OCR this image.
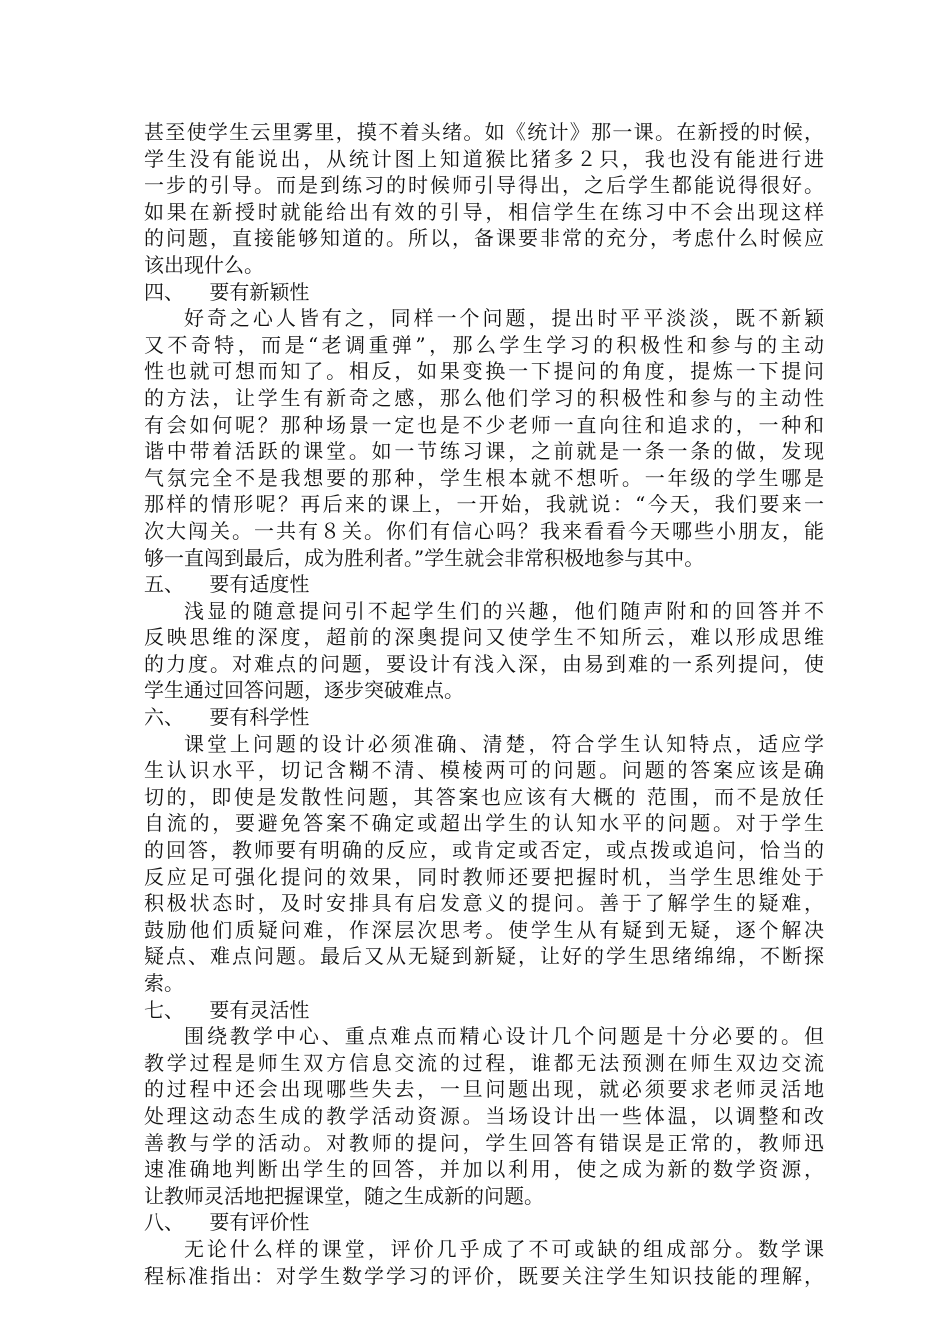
甚至使学生云里雾里，摸不着头绪。如《统计》那一课。在新授的时候，
学生没有能说出，从统计图上知道猴比猪多２只，我也没有能进行进
一步的引导。而是到练习的时候师引导得出，之后学生都能说得很好。
如果在新授时就能给出有效的引导，相信学生在练习中不会出现这样
的问题，直接能够知道的。所以，备课要非常的充分，考虑什么时候应
该出现什么。
四、    要有新颖性
好奇之心人皆有之，同样一个问题，提出时平平淡淡，既不新颖
又不奇特，而是“老调重弹”，那么学生学习的积极性和参与的主动
性也就可想而知了。相反，如果变换一下提问的角度，提炼一下提问
的方法，让学生有新奇之感，那么他们学习的积极性和参与的主动性
有会如何呢？那种场景一定也是不少老师一直向往和追求的，一种和
谐中带着活跃的课堂。如一节练习课，之前就是一条一条的做，发现
气氛完全不是我想要的那种，学生根本就不想听。一年级的学生哪是
那样的情形呢？再后来的课上，一开始，我就说：“今天，我们要来一
次大闯关。一共有８关。你们有信心吗？我来看看今天哪些小朋友，能
够一直闯到最后，成为胜利者。”学生就会非常积极地参与其中。
五、    要有适度性
浅显的随意提问引不起学生们的兴趣，他们随声附和的回答并不
反映思维的深度，超前的深奥提问又使学生不知所云，难以形成思维
的力度。对难点的问题，要设计有浅入深，由易到难的一系列提问，使
学生通过回答问题，逐步突破难点。
六、    要有科学性
课堂上问题的设计必须准确、清楚，符合学生认知特点，适应学
生认识水平，切记含糊不清、模棱两可的问题。问题的答案应该是确
切的，即使是发散性问题，其答案也应该有大概的 范围，而不是放任
自流的，要避免答案不确定或超出学生的认知水平的问题。对于学生
的回答，教师要有明确的反应，或肯定或否定，或点拨或追问，恰当的
反应足可强化提问的效果，同时教师还要把握时机，当学生思维处于
积极状态时，及时安排具有启发意义的提问。善于了解学生的疑难，
鼓励他们质疑问难，作深层次思考。使学生从有疑到无疑，逐个解决
疑点、难点问题。最后又从无疑到新疑，让好的学生思绪绵绵，不断探
索。
七、    要有灵活性
围绕教学中心、重点难点而精心设计几个问题是十分必要的。但
教学过程是师生双方信息交流的过程，谁都无法预测在师生双边交流
的过程中还会出现哪些失去，一旦问题出现，就必须要求老师灵活地
处理这动态生成的教学活动资源。当场设计出一些体温，以调整和改
善教与学的活动。对教师的提问，学生回答有错误是正常的，教师迅
速准确地判断出学生的回答，并加以利用，使之成为新的数学资源，
让教师灵活地把握课堂，随之生成新的问题。
八、    要有评价性
无论什么样的课堂，评价几乎成了不可或缺的组成部分。数学课
程标准指出：对学生数学学习的评价，既要关注学生知识技能的理解，
